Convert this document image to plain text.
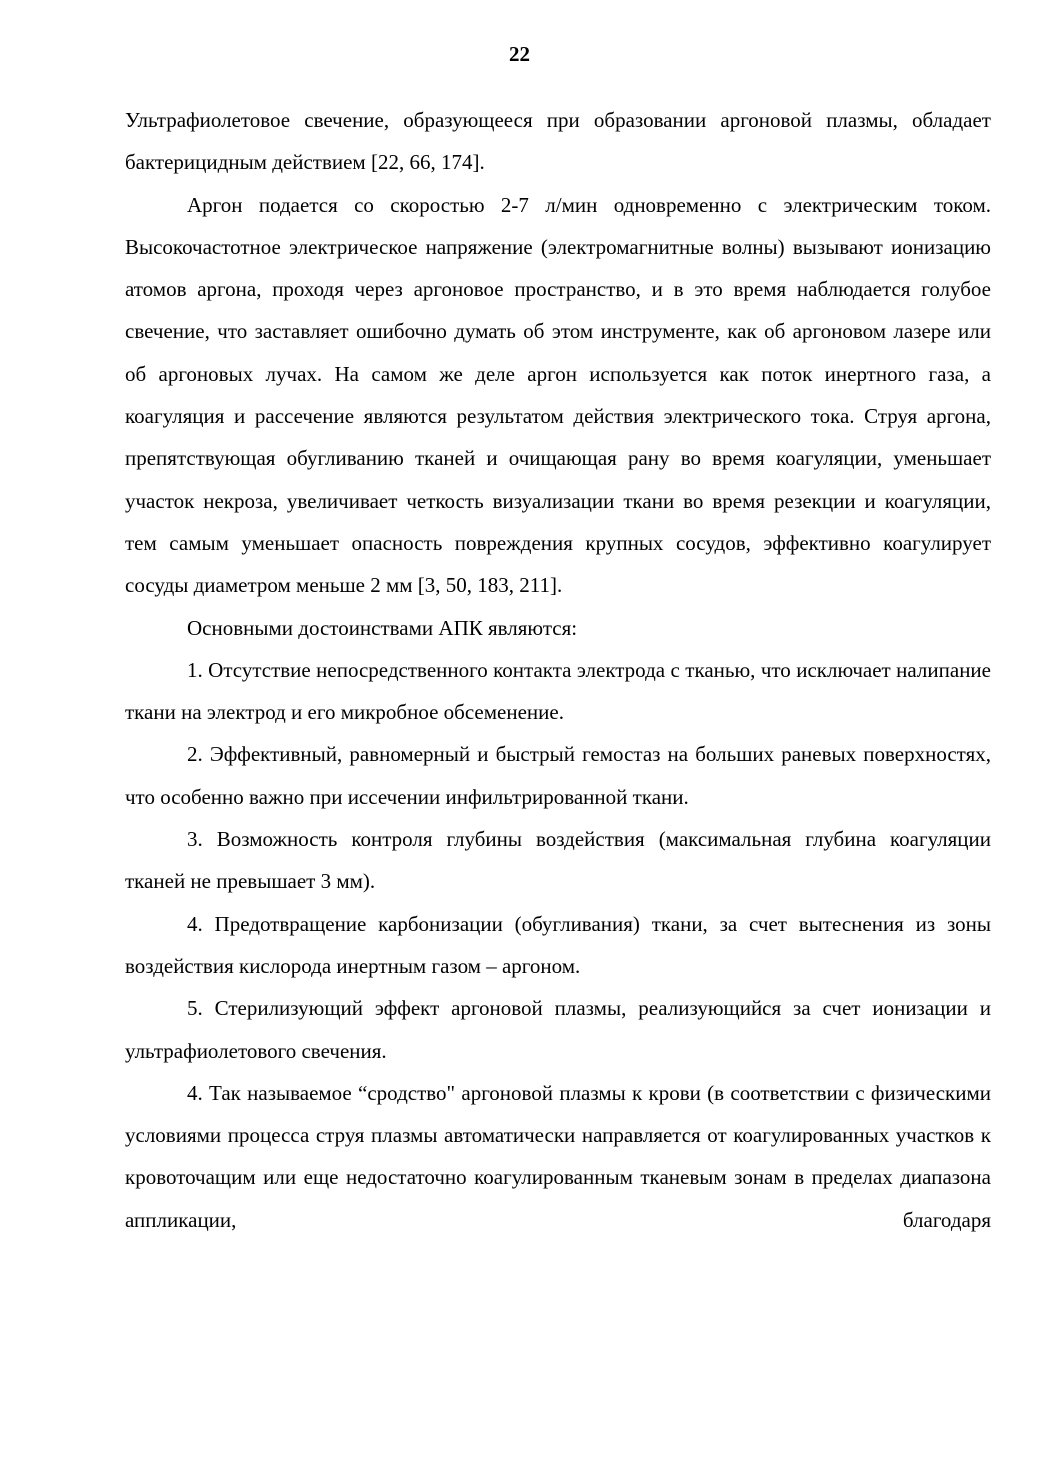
22

Ультрафиолетовое свечение, образующееся при образовании аргоновой плазмы, обладает бактерицидным действием [22, 66, 174].

Аргон подается со скоростью 2-7 л/мин одновременно с электрическим током. Высокочастотное электрическое напряжение (электромагнитные волны) вызывают ионизацию атомов аргона, проходя через аргоновое пространство, и в это время наблюдается голубое свечение, что заставляет ошибочно думать об этом инструменте, как об аргоновом лазере или об аргоновых лучах. На самом же деле аргон используется как поток инертного газа, а коагуляция и рассечение являются результатом действия электрического тока. Струя аргона, препятствующая обугливанию тканей и очищающая рану во время коагуляции, уменьшает участок некроза, увеличивает четкость визуализации ткани во время резекции и коагуляции, тем самым уменьшает опасность повреждения крупных сосудов, эффективно коагулирует сосуды диаметром меньше 2 мм [3, 50, 183, 211].

Основными достоинствами АПК являются:

1. Отсутствие непосредственного контакта электрода с тканью, что исключает налипание ткани на электрод и его микробное обсеменение.

2. Эффективный, равномерный и быстрый гемостаз на больших раневых поверхностях, что особенно важно при иссечении инфильтрированной ткани.

3. Возможность контроля глубины воздействия (максимальная глубина коагуляции тканей не превышает 3 мм).

4. Предотвращение карбонизации (обугливания) ткани, за счет вытеснения из зоны воздействия кислорода инертным газом – аргоном.

5. Стерилизующий эффект аргоновой плазмы, реализующийся за счет ионизации и ультрафиолетового свечения.

4. Так называемое “сродство" аргоновой плазмы к крови (в соответствии с физическими условиями процесса струя плазмы автоматически направляется от коагулированных участков к кровоточащим или еще недостаточно коагулированным тканевым зонам в пределах диапазона аппликации, благодаря
